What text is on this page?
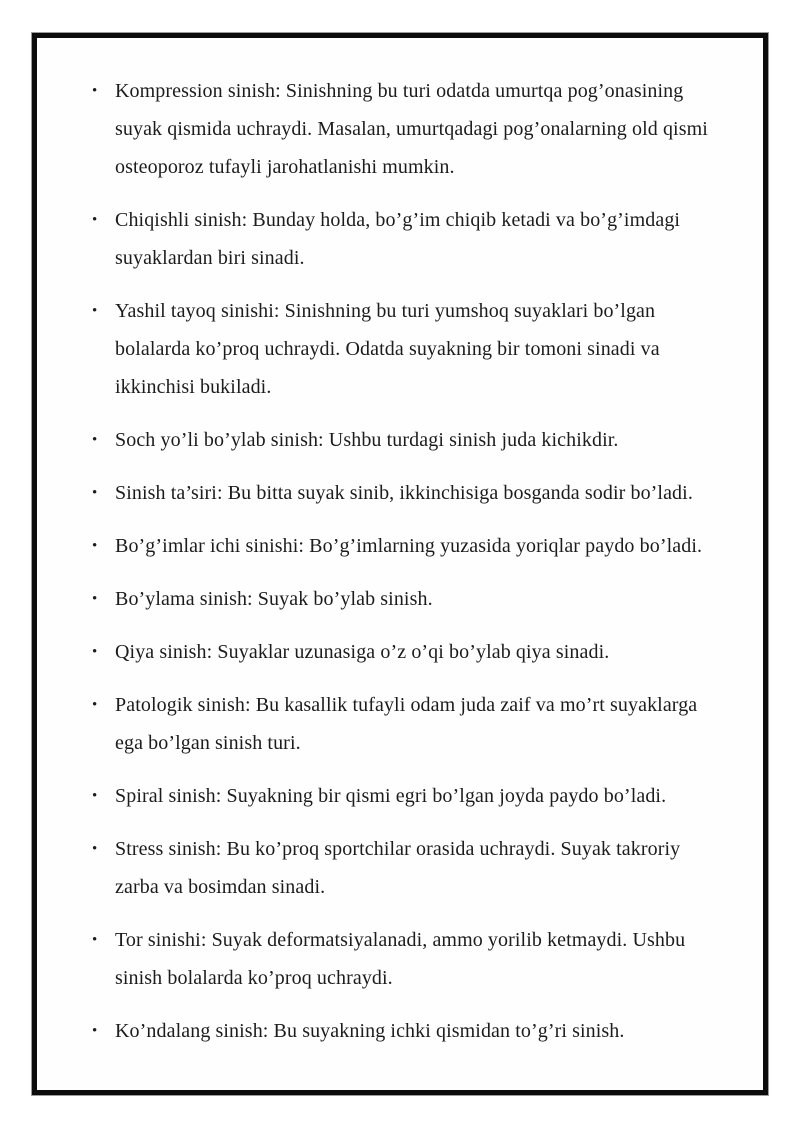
• Kompression sinish: Sinishning bu turi odatda umurtqa pog’onasining suyak qismida uchraydi. Masalan, umurtqadagi pog’onalarning old qismi osteoporoz tufayli jarohatlanishi mumkin.
• Chiqishli sinish: Bunday holda, bo’g’im chiqib ketadi va bo’g’imdagi suyaklardan biri sinadi.
• Yashil tayoq sinishi: Sinishning bu turi yumshoq suyaklari bo’lgan bolalarda ko’proq uchraydi. Odatda suyakning bir tomoni sinadi va ikkinchisi bukiladi.
• Soch yo’li bo’ylab sinish: Ushbu turdagi sinish juda kichikdir.
• Sinish ta’siri: Bu bitta suyak sinib, ikkinchisiga bosganda sodir bo’ladi.
• Bo’g’imlar ichi sinishi: Bo’g’imlarning yuzasida yoriqlar paydo bo’ladi.
• Bo’ylama sinish: Suyak bo’ylab sinish.
• Qiya sinish: Suyaklar uzunasiga o’z o’qi bo’ylab qiya sinadi.
• Patologik sinish: Bu kasallik tufayli odam juda zaif va mo’rt suyaklarga ega bo’lgan sinish turi.
• Spiral sinish: Suyakning bir qismi egri bo’lgan joyda paydo bo’ladi.
• Stress sinish: Bu ko’proq sportchilar orasida uchraydi. Suyak takroriy zarba va bosimdan sinadi.
• Tor sinishi: Suyak deformatsiyalanadi, ammo yorilib ketmaydi. Ushbu sinish bolalarda ko’proq uchraydi.
• Ko’ndalang sinish: Bu suyakning ichki qismidan to’g’ri sinish.
